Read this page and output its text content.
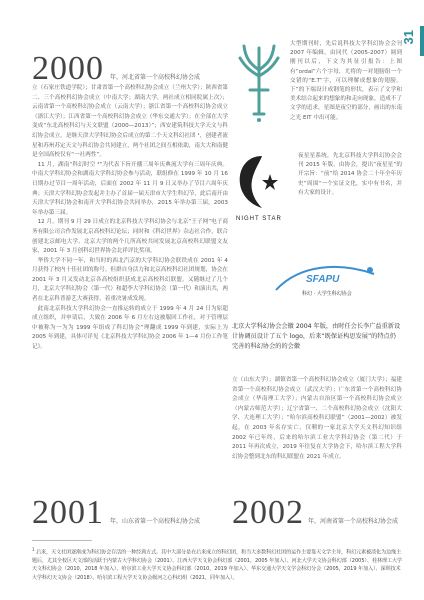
31
2000 年，河北省第一个高校科幻协会成

立（石家庄铁道学院）；甘肃省第一个高校科幻协会成立（兰州大学）；陕西省第二、三个高校科幻协会成立（中南大学；湖南大学，两社成立相同院属上次）；云南省第一个高校科幻协会成立（云南大学）；浙江省第一个高校科幻协会成立（浙江大学）；江西省第一个高校科幻协会成立（华东交通大学）；在全部在大学变成“东北高校科幻与天文联盟（2000—2013）”；西安建筑科技大学天文与科幻协会成立。是继天津大学科幻协会后成立的第二个天文科幻社团 ¹，创建者流星和苏州苏定天文与科幻协会共同建立，两个社团之间互相依助，南大大和南健是全国高校仅有“一社两性”。

11 月，湖南“科幻时空 ⁴”为代表下旨开播三周年庆典流大学有三周年庆典。中南大学科幻协会和湖南大学科幻协会参与活动，联组修在 1999 年 10 月 16 日期办过节目一周年活动，后面在 2002 年 11 月 9 日又举办了节目六周年庆典；天津大学科幻协会发起并主办了首届一届天津市大学生科幻节，此后南开由天津大学科幻协会和南开大学科幻协会共同举办，2015 年举办第三届，2003 年举办第三届。

12 月，期刊 9 月 29 日成立的北京科技大学科幻协会与北京“王子网”电子商务有限公司合作发展北京高校科幻论坛；同时和《科幻世界》杂志社合作，联合创建北京邮电大学、北京大学的两个几所高校共同发展北京高校科幻联盟文友家，2001 年 3 月创科幻世界协会北祥评比奖项。

华侨大学不同一年，和当时的西北汽京的大学科幻协会联铁成在 2001 年 4 月获得了校内十佳社团的称号。但群自身活力和北京高校科幻社团规划，协会在 2001 年 3 月又发动北京各高校组织获成北京高校科幻联盟。又随继过了几个月，北京大学科幻协会（第一代）和超李大学科幻协会（第一代）和演出共，两者在北京科普游艺大赛获得，着重决暑成发现。

此南北京科技大学科幻协会一直推运转的成立于 1999 年 4 月 24 日为原超成立组织，并申请后，大致在 2006 年 6 月左右这被服回工作社，对于管理层中被称为一为为 1999 年组成了科幻协会“理翻成 1999 年到建，实际上为 2005 年到建，具体可详见《北京科技大学科幻协会 2006 年 1—4 月份工作笔记》。

大型期刊时，先后说科技大学科幻协会会刊 2007 年编辑，由同代（2005-2007）调到刚刊以后，下文为其征引报告：上图有“ordal”六个字母，尤将的一对翅膀组一个交错的“E.T”字，可以理解成想象的翅膀。下”的下端设计成钢笔的形状，表示了文学和美术结合起来的想象的和走向现象，造成不了文学的追求，星图是夜空的部分，画出的东南之光 EIT 中出可能。
NIGHT STAR
夜星星系统，先北京科技大学科幻协会会刊 2015 年版。由协会，提出“夜星星”的开宗旨：“前”给 2014 协会二十年全年历史”周围“一个实证文化，实中有书名，并有大家的设计。
SFAPU
科幻 · 大学生科幻协会
北京大学科幻协会会徽 2004 年版，由时任会长李广益重新设计协调员设计了五个 logo，后来“既保证构思发展”的特点仍完善的科幻协会的的会徽
立（山东大学）；湖镇省第一个高校科幻协会成立（厦门大学）；福建省第一个高校科幻协会成立（武汉大学）；广东省第一个高校科幻协会成立（华南理工大学）；内蒙古自治区第一个高校科幻协会成立（内蒙古师范大学）；辽宁省第一、二个高校科幻协会成立（沈阳大学、大连理工大学）；“哈尔滨高校科幻联盟”（2001—2002）被发起，在 2003 年名存实亡，仅剩的一家北京大学天文科幻知识组 2002 年已年终，后来的哈尔滨工业大学科幻协会（第二代）于 2011 年再次成立，2019 年往复在大学协会下，哈尔滨工程大学科幻协会整到北东的科幻联盟在 2021 年成立。
2001 年，山东省第一个高校科幻协会成 2002 年，河南省第一个高校科幻协会成
$^1$ 后来，天文社团逐渐成为科幻协会存活的一种经典方式。其中大部分是在后来成立的科幻团，和当大多数科幻社团的运作主要靠天文学主导，科幻元素被淡化为边缘主题后，尤其全校区天文部的活跃于内蒙古大学科幻协会（2001）、江西大学天文协会科幻部（2001，2005 年加入）、河北大学天文协会科幻部（2005）、桂林理工大学天文科幻协会（2010，2018 年加入）、哈尔滨工业大学天文协会科幻部（2010，2019 年加入）、华东交通大学天文学会科幻分会（2005，2019 年加入）、深圳技术大学科幻天文协会（2018）、哈尔滨工程大学天文协会级河之心科幻组（2021，同年加入）。
